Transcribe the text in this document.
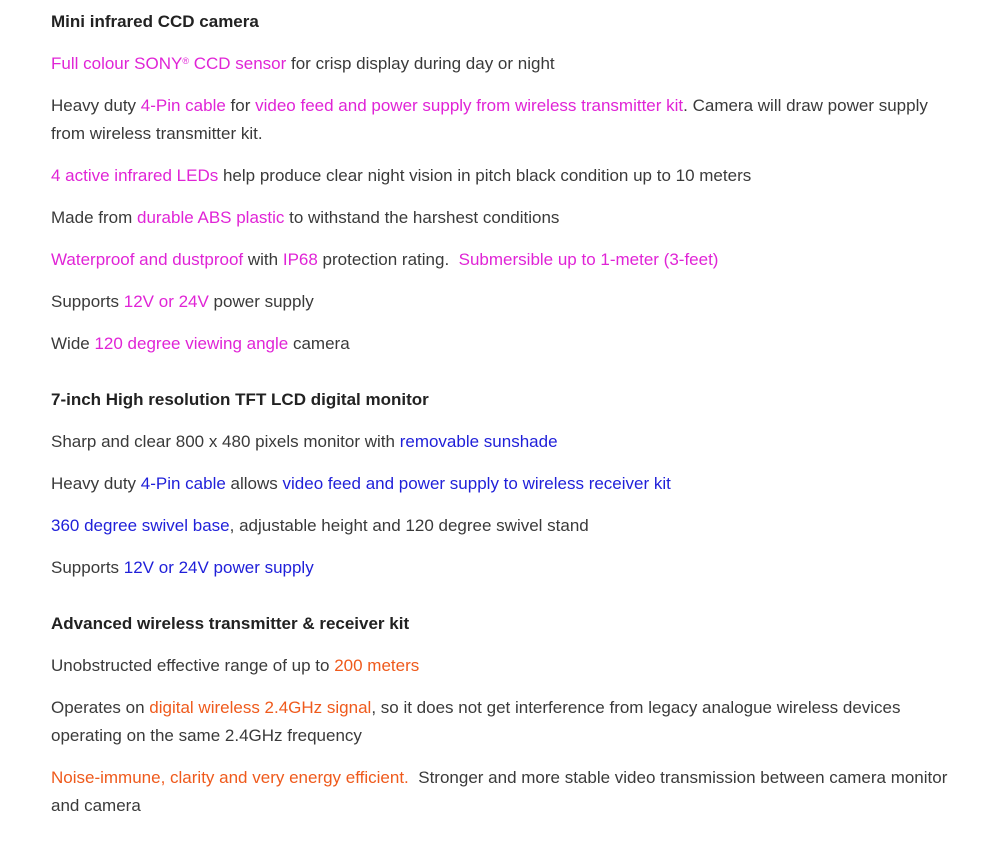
Mini infrared CCD camera

Full colour SONY® CCD sensor for crisp display during day or night

Heavy duty 4-Pin cable for video feed and power supply from wireless transmitter kit. Camera will draw power supply from wireless transmitter kit.

4 active infrared LEDs help produce clear night vision in pitch black condition up to 10 meters

Made from durable ABS plastic to withstand the harshest conditions

Waterproof and dustproof with IP68 protection rating.  Submersible up to 1-meter (3-feet)

Supports 12V or 24V power supply

Wide 120 degree viewing angle camera

7-inch High resolution TFT LCD digital monitor

Sharp and clear 800 x 480 pixels monitor with removable sunshade

Heavy duty 4-Pin cable allows video feed and power supply to wireless receiver kit

360 degree swivel base, adjustable height and 120 degree swivel stand

Supports 12V or 24V power supply

Advanced wireless transmitter & receiver kit

Unobstructed effective range of up to 200 meters

Operates on digital wireless 2.4GHz signal, so it does not get interference from legacy analogue wireless devices operating on the same 2.4GHz frequency

Noise-immune, clarity and very energy efficient.  Stronger and more stable video transmission between camera monitor and camera
